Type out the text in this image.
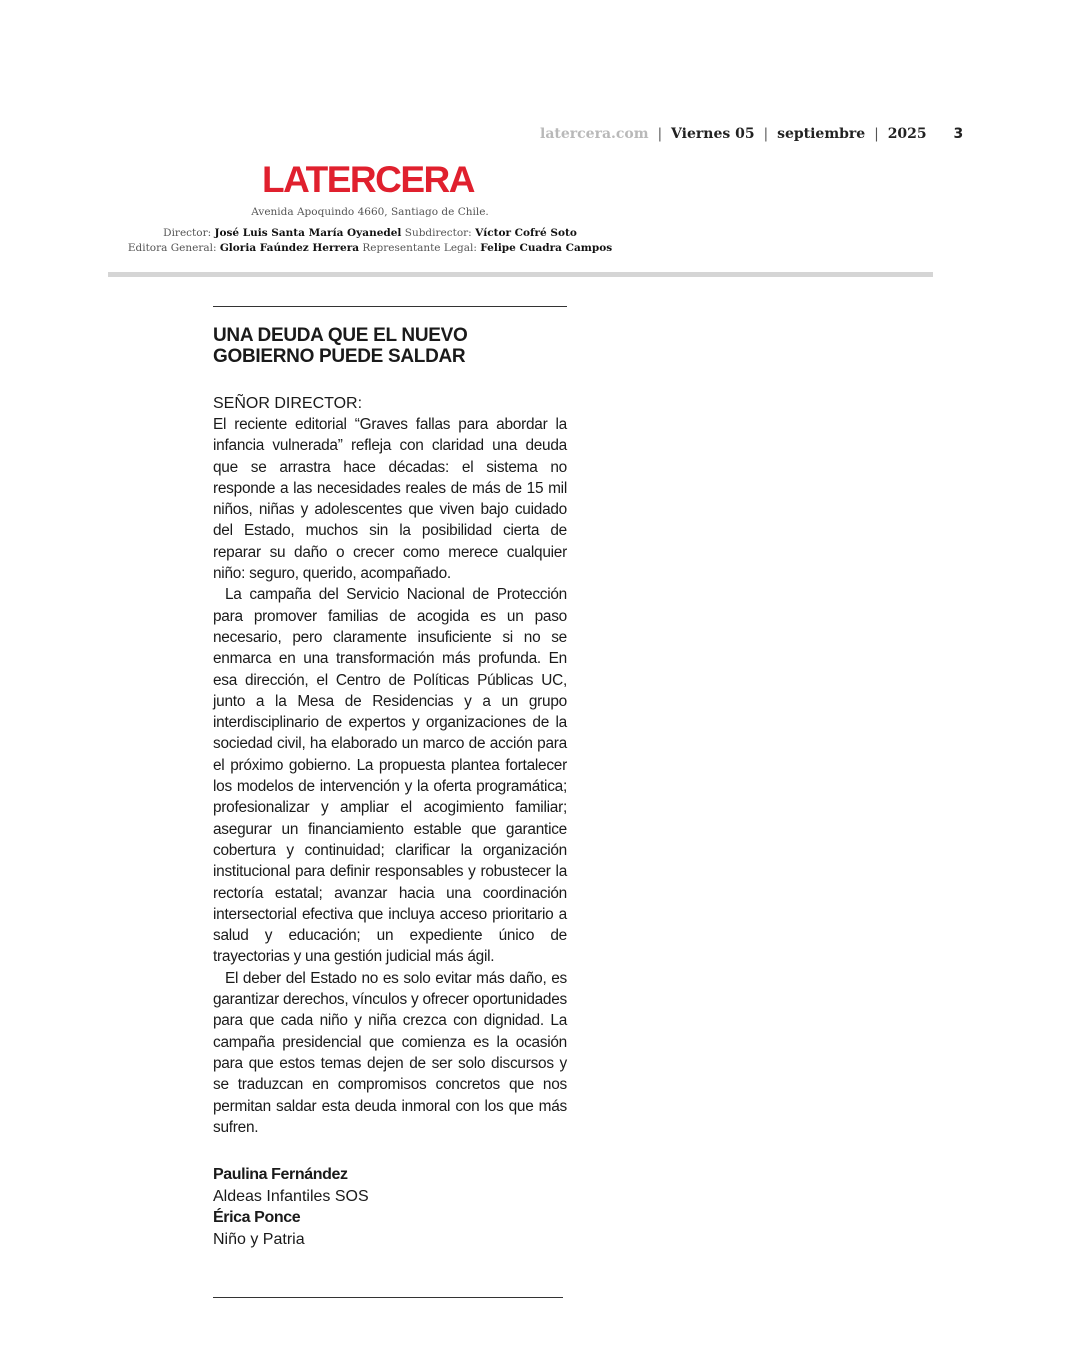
latercera.com | Viernes 05 | septiembre | 2025 3
LATERCERA
Avenida Apoquindo 4660, Santiago de Chile.
Director: José Luis Santa María Oyanedel Subdirector: Víctor Cofré Soto
Editora General: Gloria Faúndez Herrera Representante Legal: Felipe Cuadra Campos
UNA DEUDA QUE EL NUEVO GOBIERNO PUEDE SALDAR
SEÑOR DIRECTOR:

El reciente editorial “Graves fallas para abordar la infancia vulnerada” refleja con claridad una deuda que se arrastra hace décadas: el sistema no responde a las necesidades reales de más de 15 mil niños, niñas y adolescentes que viven bajo cuidado del Estado, muchos sin la posibilidad cierta de reparar su daño o crecer como merece cualquier niño: seguro, querido, acompañado.

La campaña del Servicio Nacional de Protección para promover familias de acogida es un paso necesario, pero claramente insuficiente si no se enmarca en una transformación más profunda. En esa dirección, el Centro de Políticas Públicas UC, junto a la Mesa de Residencias y a un grupo interdisciplinario de expertos y organizaciones de la sociedad civil, ha elaborado un marco de acción para el próximo gobierno. La propuesta plantea fortalecer los modelos de intervención y la oferta programática; profesionalizar y ampliar el acogimiento familiar; asegurar un financiamiento estable que garantice cobertura y continuidad; clarificar la organización institucional para definir responsables y robustecer la rectoría estatal; avanzar hacia una coordinación intersectorial efectiva que incluya acceso prioritario a salud y educación; un expediente único de trayectorias y una gestión judicial más ágil.

El deber del Estado no es solo evitar más daño, es garantizar derechos, vínculos y ofrecer oportunidades para que cada niño y niña crezca con dignidad. La campaña presidencial que comienza es la ocasión para que estos temas dejen de ser solo discursos y se traduzcan en compromisos concretos que nos permitan saldar esta deuda inmoral con los que más sufren.

Paulina Fernández
Aldeas Infantiles SOS
Érica Ponce
Niño y Patria
